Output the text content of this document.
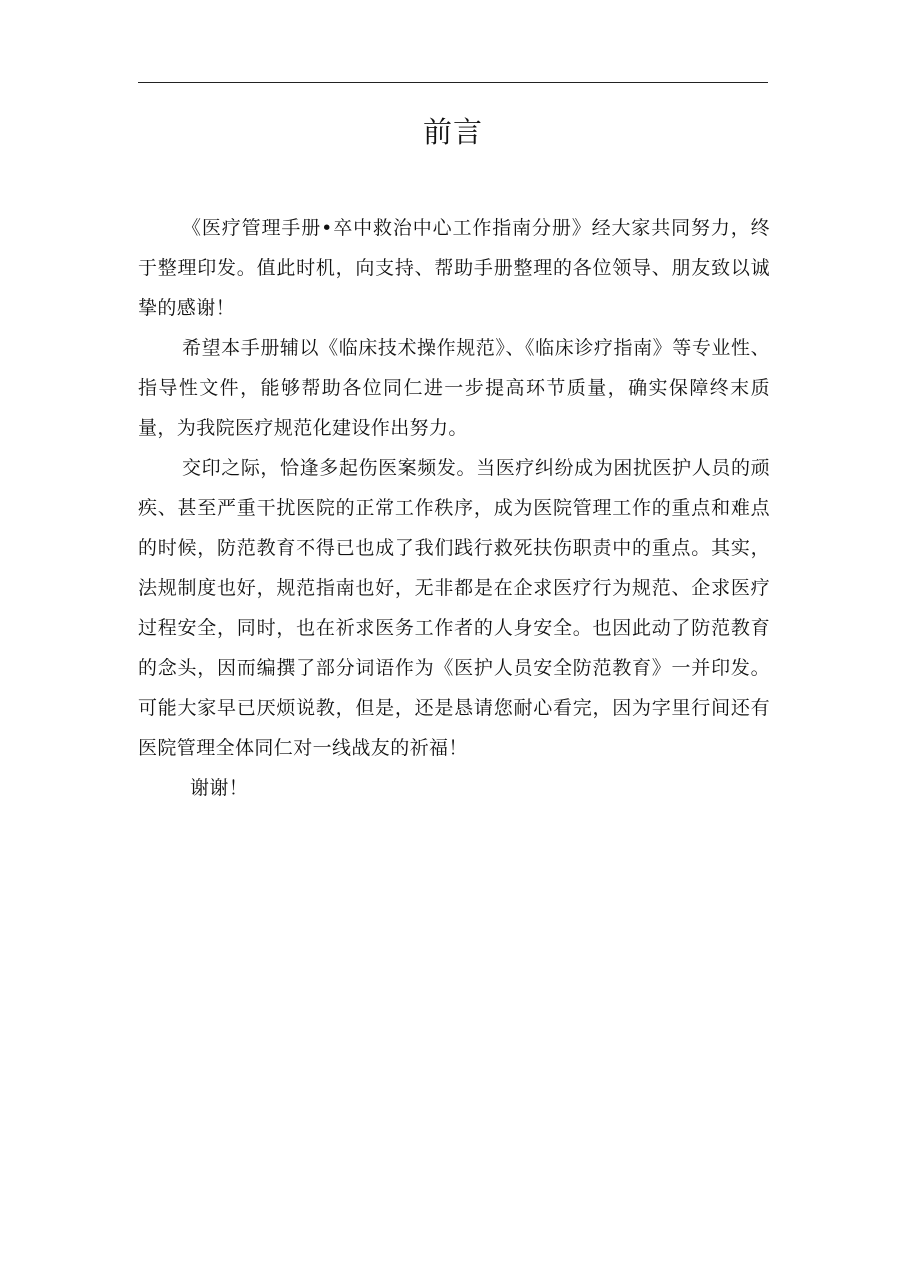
前言

《医疗管理手册•卒中救治中心工作指南分册》经大家共同努力，终于整理印发。值此时机，向支持、帮助手册整理的各位领导、朋友致以诚挚的感谢！

希望本手册辅以《临床技术操作规范》、《临床诊疗指南》等专业性、指导性文件，能够帮助各位同仁进一步提高环节质量，确实保障终末质量，为我院医疗规范化建设作出努力。

交印之际，恰逢多起伤医案频发。当医疗纠纷成为困扰医护人员的顽疾、甚至严重干扰医院的正常工作秩序，成为医院管理工作的重点和难点的时候，防范教育不得已也成了我们践行救死扶伤职责中的重点。其实，法规制度也好，规范指南也好，无非都是在企求医疗行为规范、企求医疗过程安全，同时，也在祈求医务工作者的人身安全。也因此动了防范教育的念头，因而编撰了部分词语作为《医护人员安全防范教育》一并印发。可能大家早已厌烦说教，但是，还是恳请您耐心看完，因为字里行间还有医院管理全体同仁对一线战友的祈福！

谢谢！
